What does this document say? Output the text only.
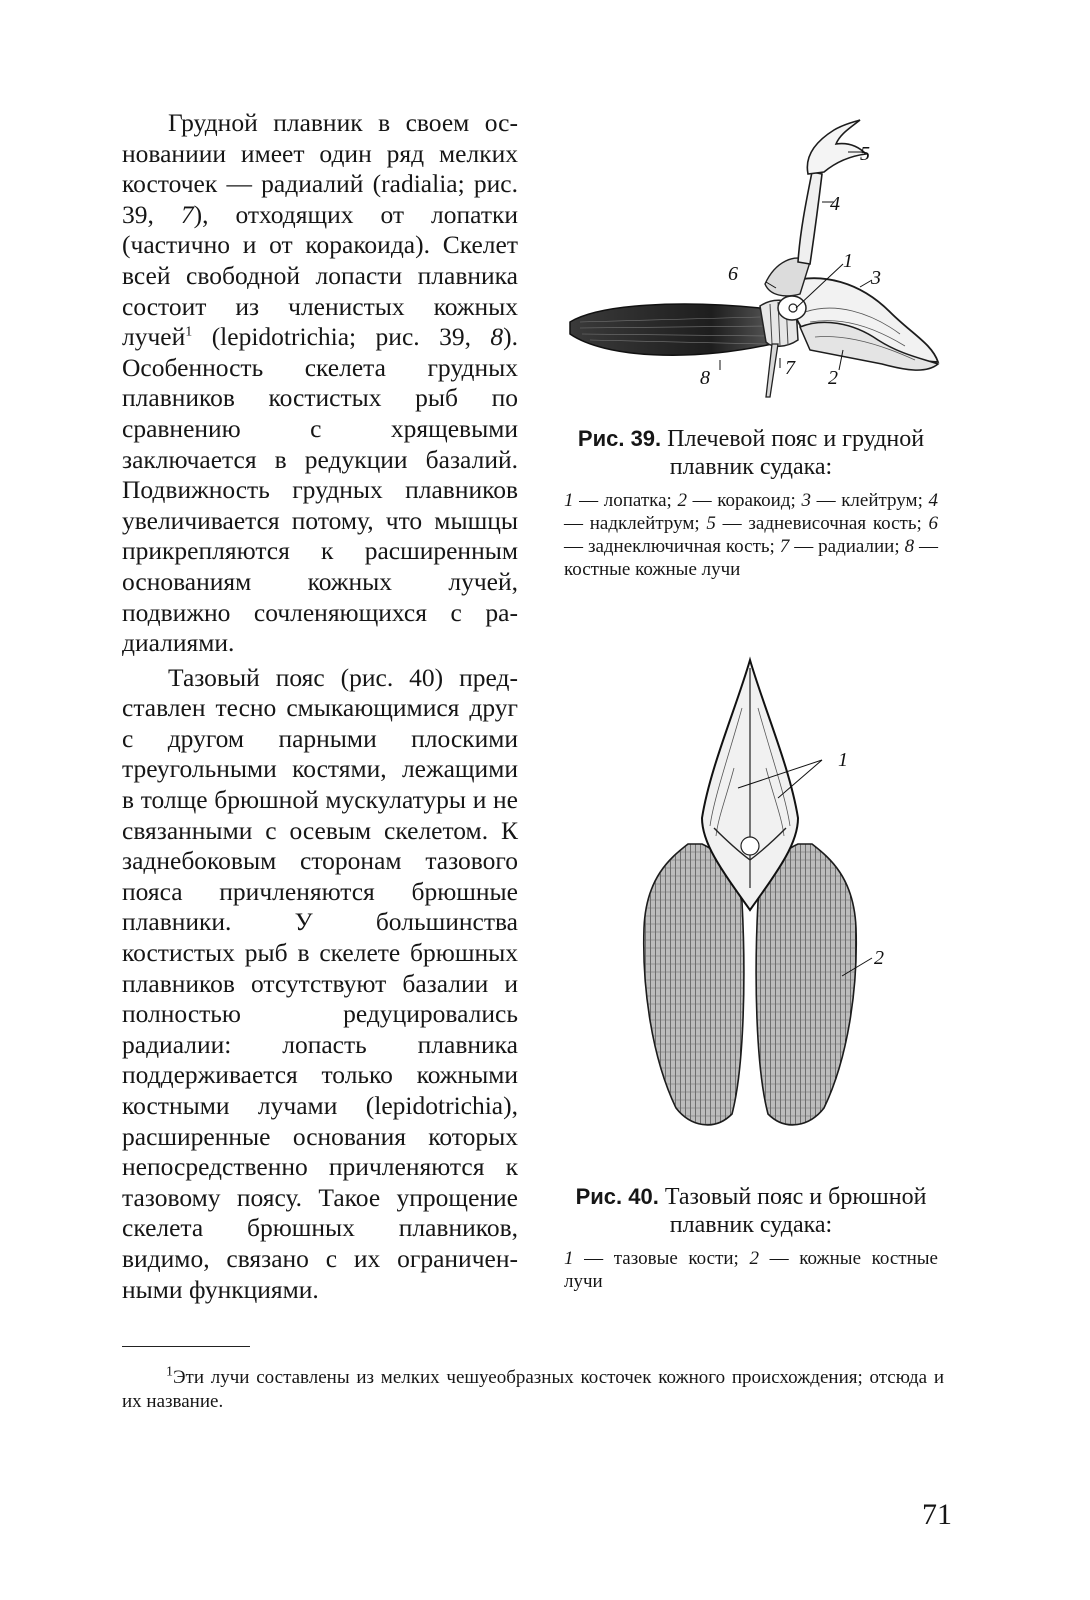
Грудной плавник в своем основаниии имеет один ряд мелких косточек — радиалий (radialia; рис. 39, 7), отходящих от лопатки (частично и от коракоида). Скелет всей свободной лопасти плавника состоит из членистых кожных лучей$^1$ (lepidotrichia; рис. 39, 8). Особенность скелета грудных плавников костистых рыб по сравнению с хрящевыми заключается в редукции базалий. Подвижность грудных плавников увеличивается потому, что мышцы прикрепляются к расширенным основаниям кожных лучей, подвижно сочленяющихся с радиалиями.

Тазовый пояс (рис. 40) представлен тесно смыкающимися друг с другом парными плоскими треугольными костями, лежащими в толще брюшной мускулатуры и не связанными с осевым скелетом. К заднебоковым сторонам тазового пояса причленяются брюшные плавники. У большинства костистых рыб в скелете брюшных плавников отсутствуют базалии и полностью редуцировались радиалии: лопасть плавника поддерживается только кожными костными лучами (lepidotrichia), расширенные основания которых непосредственно причленяются к тазовому поясу. Такое упрощение скелета брюшных плавников, видимо, связано с их ограниченными функциями.

5
4
6
1
3
8	7 2

Рис. 39. Плечевой пояс и грудной плавник судака:

1 — лопатка; 2 — коракоид; 3 — клейтрум; 4 — надклейтрум; 5 — задневисочная кость; 6 — заднеключичная кость; 7 — радиалии; 8 — костные кожные лучи

1
2

Рис. 40. Тазовый пояс и брюшной плавник судака:

1 — тазовые кости; 2 — кожные костные лучи

$^1$Эти лучи составлены из мелких чешуеобразных косточек кожного происхождения; отсюда и их название.

71
